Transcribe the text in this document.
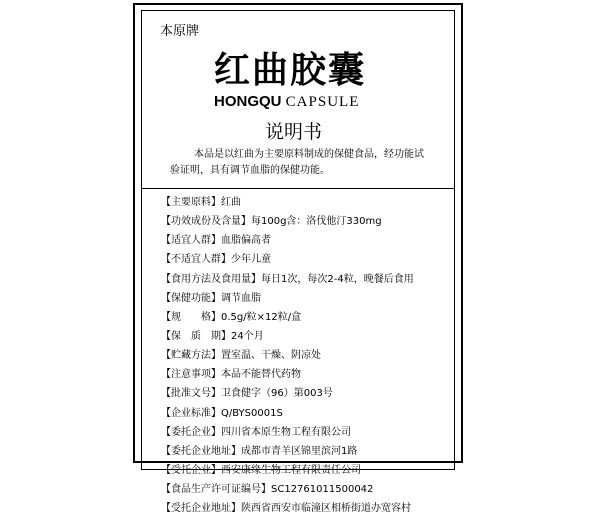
本原牌
红曲胶囊
HONGQU CAPSULE
说明书
本品是以红曲为主要原料制成的保健食品，经功能试
验证明，具有调节血脂的保健功能。
【主要原料】红曲
【功效成份及含量】每100g含：洛伐他汀330mg
【适宜人群】血脂偏高者
【不适宜人群】少年儿童
【食用方法及食用量】每日1次，每次2-4粒，晚餐后食用
【保健功能】调节血脂
【规　　格】0.5g/粒×12粒/盒
【保　质　期】24个月
【贮藏方法】置室温、干燥、阴凉处
【注意事项】本品不能替代药物
【批准文号】卫食健字（96）第003号
【企业标准】Q/BYS0001S
【委托企业】四川省本原生物工程有限公司
【委托企业地址】成都市青羊区锦里滨河1路
【受托企业】西安康缘生物工程有限责任公司
【食品生产许可证编号】SC12761011500042
【受托企业地址】陕西省西安市临潼区相桥街道办宽容村
